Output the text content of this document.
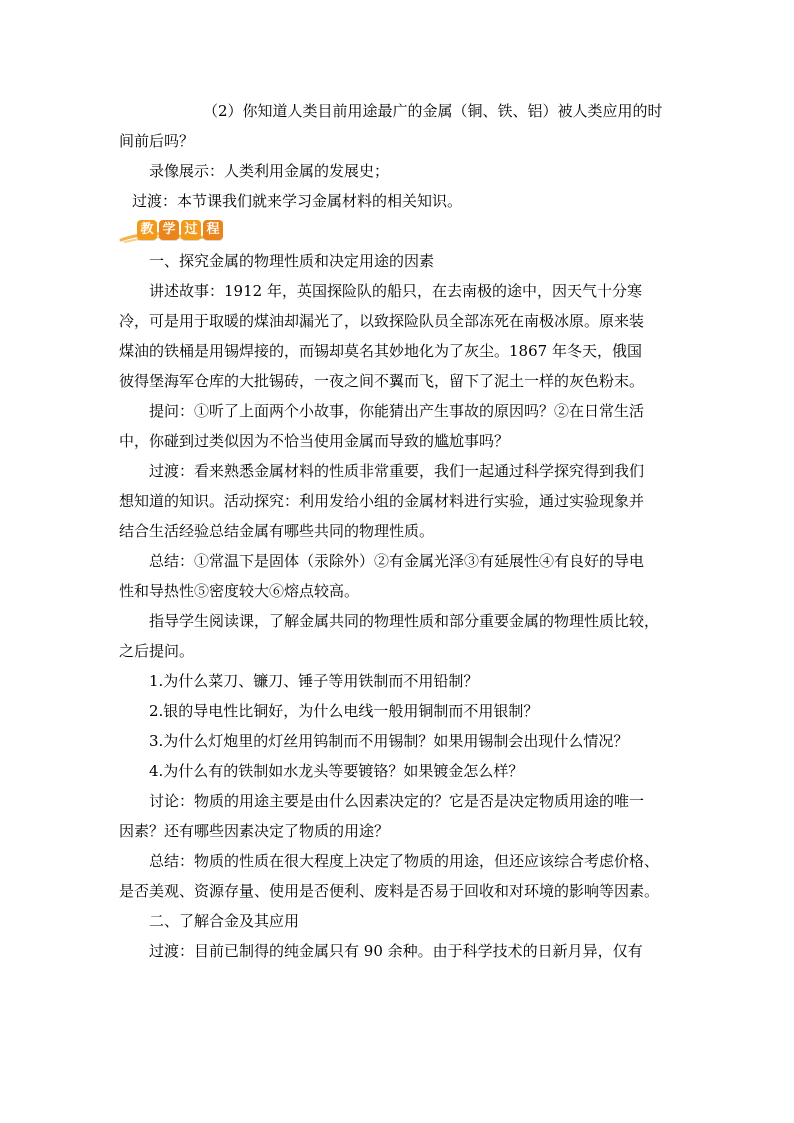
（2）你知道人类目前用途最广的金属（铜、铁、铝）被人类应用的时
间前后吗？
录像展示：人类利用金属的发展史；
过渡：本节课我们就来学习金属材料的相关知识。
教 学 过 程
一、探究金属的物理性质和决定用途的因素
讲述故事：1912 年，英国探险队的船只，在去南极的途中，因天气十分寒
冷，可是用于取暖的煤油却漏光了，以致探险队员全部冻死在南极冰原。原来装
煤油的铁桶是用锡焊接的，而锡却莫名其妙地化为了灰尘。1867 年冬天，俄国
彼得堡海军仓库的大批锡砖，一夜之间不翼而飞，留下了泥土一样的灰色粉末。
提问：①听了上面两个小故事，你能猜出产生事故的原因吗？②在日常生活
中，你碰到过类似因为不恰当使用金属而导致的尴尬事吗？
过渡：看来熟悉金属材料的性质非常重要，我们一起通过科学探究得到我们
想知道的知识。活动探究：利用发给小组的金属材料进行实验，通过实验现象并
结合生活经验总结金属有哪些共同的物理性质。
总结：①常温下是固体（汞除外）②有金属光泽③有延展性④有良好的导电
性和导热性⑤密度较大⑥熔点较高。
指导学生阅读课，了解金属共同的物理性质和部分重要金属的物理性质比较，
之后提问。
1.为什么菜刀、镰刀、锤子等用铁制而不用铅制？
2.银的导电性比铜好，为什么电线一般用铜制而不用银制？
3.为什么灯炮里的灯丝用钨制而不用锡制？如果用锡制会出现什么情况？
4.为什么有的铁制如水龙头等要镀铬？如果镀金怎么样？
讨论：物质的用途主要是由什么因素决定的？它是否是决定物质用途的唯一
因素？还有哪些因素决定了物质的用途？
总结：物质的性质在很大程度上决定了物质的用途，但还应该综合考虑价格、
是否美观、资源存量、使用是否便利、废料是否易于回收和对环境的影响等因素。
二、了解合金及其应用
过渡：目前已制得的纯金属只有 90 余种。由于科学技术的日新月异，仅有
